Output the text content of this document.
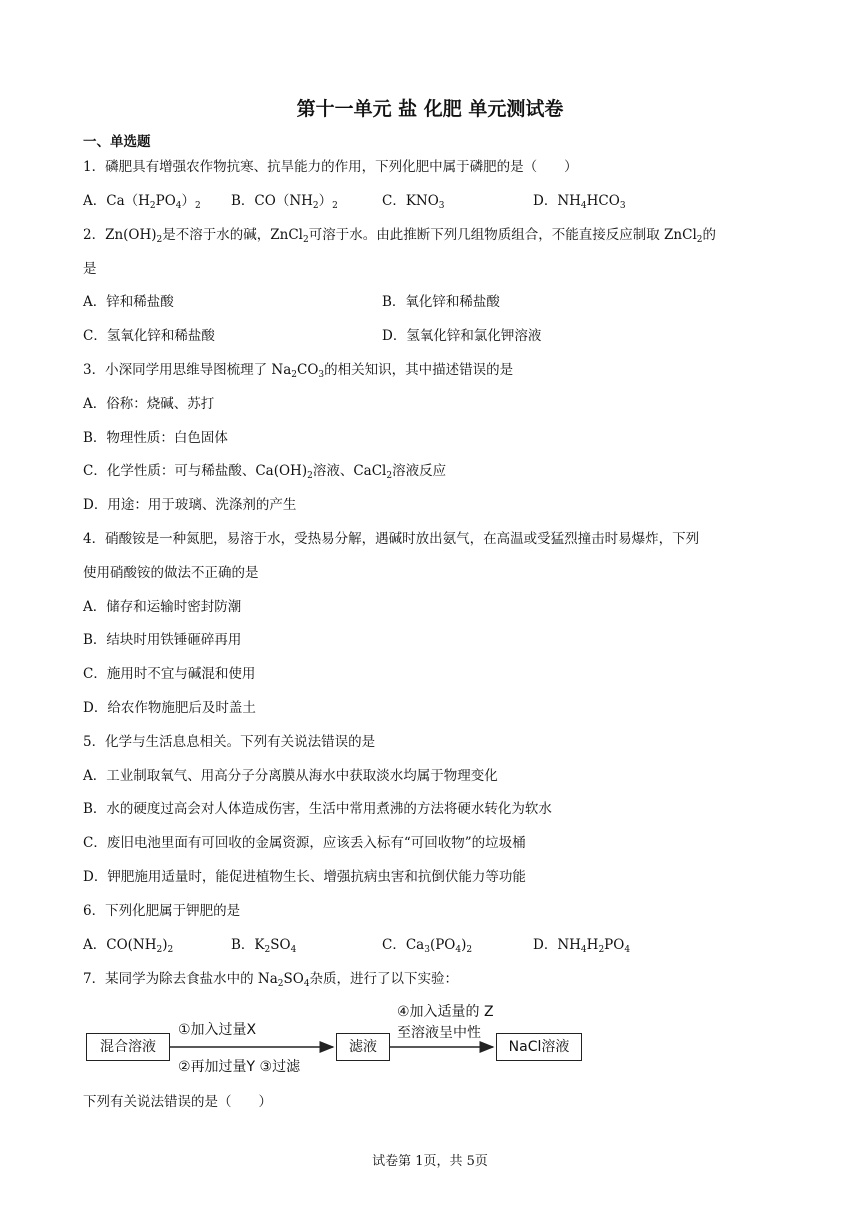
第十一单元 盐 化肥 单元测试卷
一、单选题
1．磷肥具有增强农作物抗寒、抗旱能力的作用，下列化肥中属于磷肥的是（　　）
A．$Ca(H_2PO_4)_2$ B．$CO(NH_2)_2$	C．$KNO_3$	D．$NH_4HCO_3$
2．$Zn(OH)_2$是不溶于水的碱，ZnCl$_2$可溶于水。由此推断下列几组物质组合，不能直接反应制取 ZnCl$_2$的
是
A．锌和稀盐酸	B．氧化锌和稀盐酸
C．氢氧化锌和稀盐酸	D．氢氧化锌和氯化钾溶液
3．小深同学用思维导图梳理了 $Na_2CO_3$的相关知识，其中描述错误的是
A．俗称：烧碱、苏打
B．物理性质：白色固体
C．化学性质：可与稀盐酸、$Ca(OH)_2$溶液、CaCl$_2$溶液反应
D．用途：用于玻璃、洗涤剂的产生
4．硝酸铵是一种氮肥，易溶于水，受热易分解，遇碱时放出氨气，在高温或受猛烈撞击时易爆炸，下列
使用硝酸铵的做法不正确的是
A．储存和运输时密封防潮
B．结块时用铁锤砸碎再用
C．施用时不宜与碱混和使用
D．给农作物施肥后及时盖土
5．化学与生活息息相关。下列有关说法错误的是
A．工业制取氧气、用高分子分离膜从海水中获取淡水均属于物理变化
B．水的硬度过高会对人体造成伤害，生活中常用煮沸的方法将硬水转化为软水
C．废旧电池里面有可回收的金属资源，应该丢入标有“可回收物”的垃圾桶
D．钾肥施用适量时，能促进植物生长、增强抗病虫害和抗倒伏能力等功能
6．下列化肥属于钾肥的是
A．$CO(NH_2)_2$	B．$K_2SO_4$	C．$Ca_3(PO_4)_2$	D．$NH_4H_2PO_4$
7．某同学为除去食盐水中的 $Na_2SO_4$杂质，进行了以下实验：
混合溶液
①加入过量X
②再加过量Y ③过滤
滤液
④加入适量的 Z
至溶液呈中性
NaCl溶液
下列有关说法错误的是（　　）
试卷第 1页，共 5页
